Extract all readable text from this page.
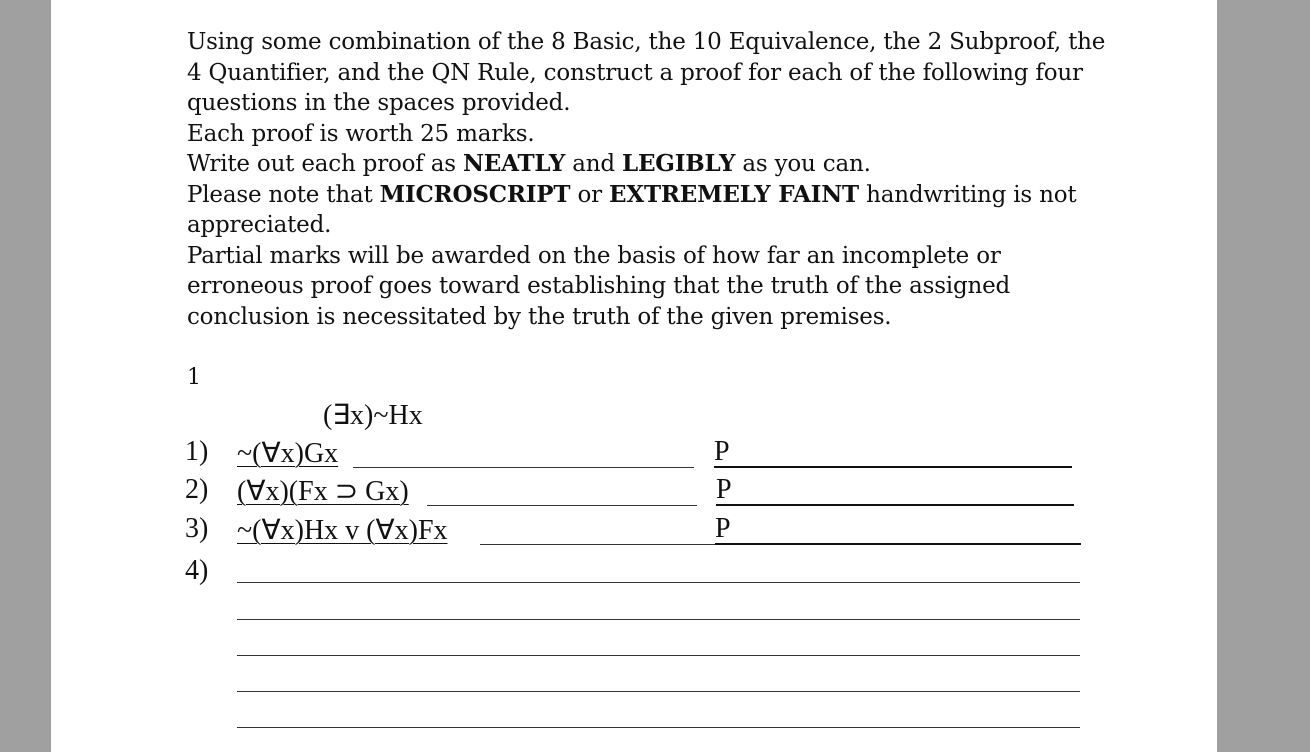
Using some combination of the 8 Basic, the 10 Equivalence, the 2 Subproof, the 4 Quantifier, and the QN Rule, construct a proof for each of the following four questions in the spaces provided.

Each proof is worth 25 marks.

Write out each proof as NEATLY and LEGIBLY as you can.

Please note that MICROSCRIPT or EXTREMELY FAINT handwriting is not appreciated.

Partial marks will be awarded on the basis of how far an incomplete or erroneous proof goes toward establishing that the truth of the assigned conclusion is necessitated by the truth of the given premises.

1
(∃x)~Hx
1) ~(∀x)Gx	P
2) (∀x)(Fx ⊃ Gx)	P
3) ~(∀x)Hx v (∀x)Fx	P
4)
